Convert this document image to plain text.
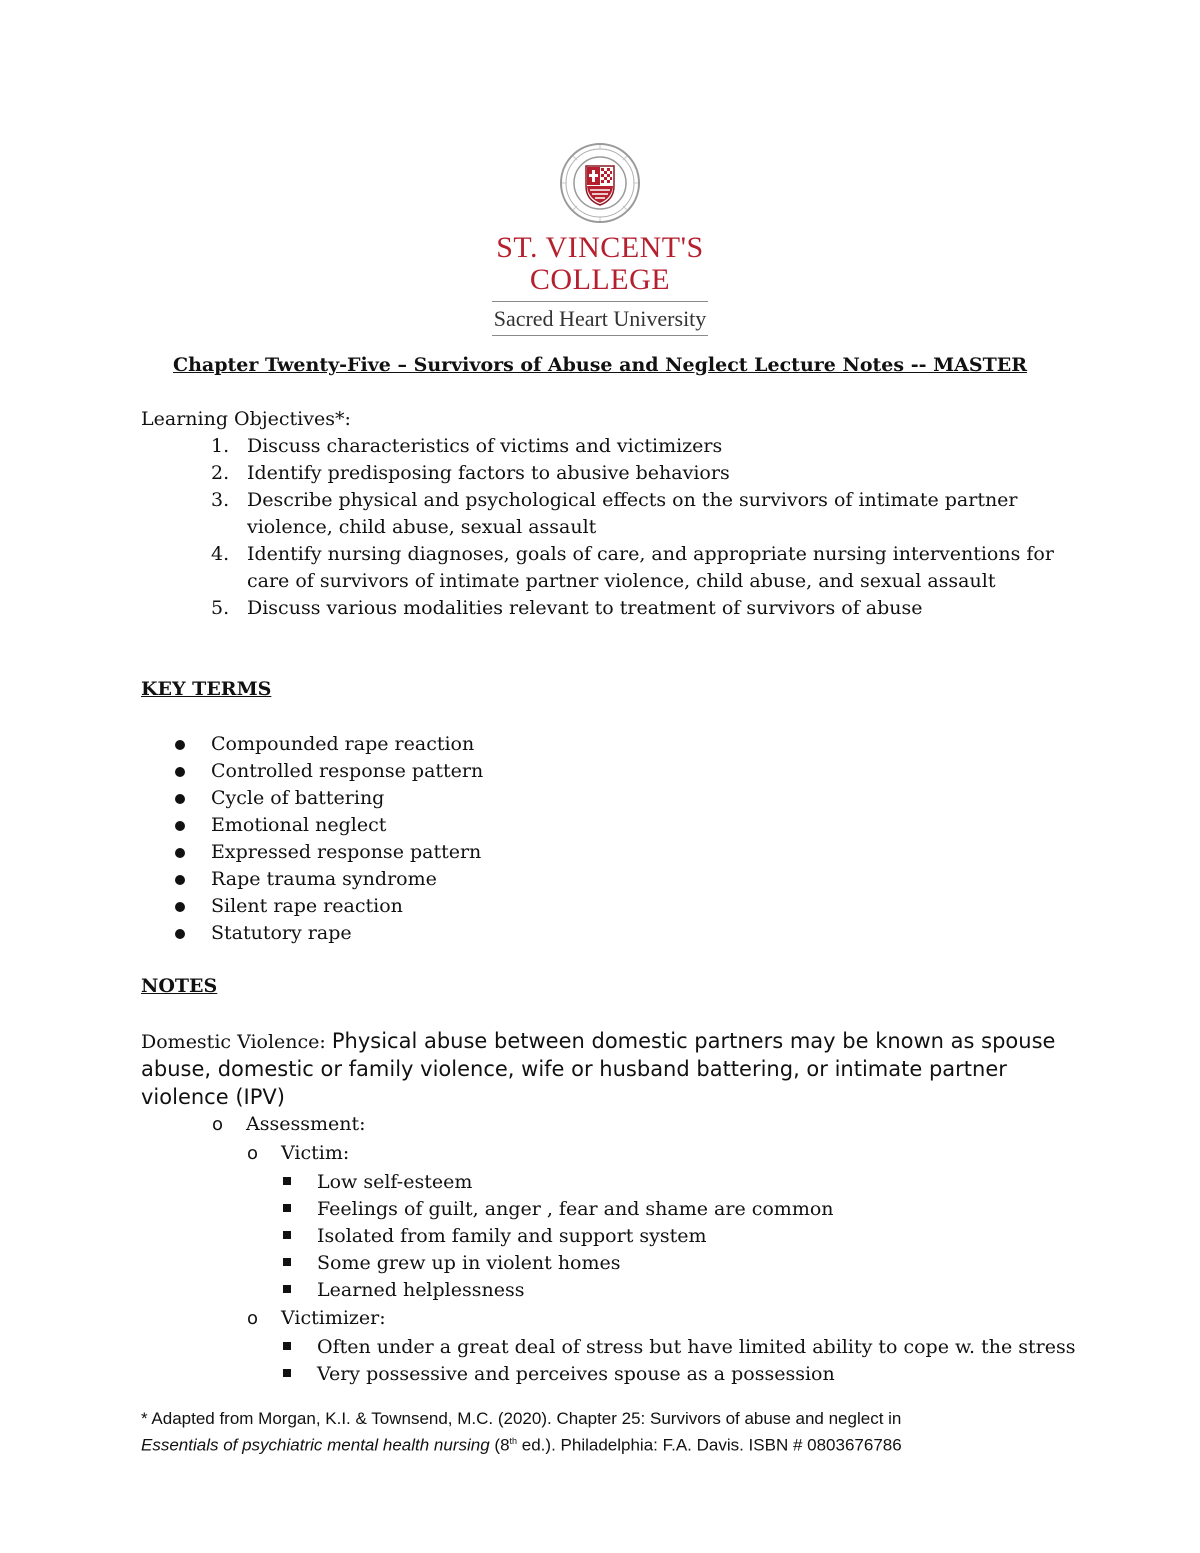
ST. VINCENT'S
COLLEGE
Sacred Heart University
Chapter Twenty-Five – Survivors of Abuse and Neglect Lecture Notes -- MASTER
Learning Objectives*:
1. Discuss characteristics of victims and victimizers
2. Identify predisposing factors to abusive behaviors
3. Describe physical and psychological effects on the survivors of intimate partner violence, child abuse, sexual assault
4. Identify nursing diagnoses, goals of care, and appropriate nursing interventions for care of survivors of intimate partner violence, child abuse, and sexual assault
5. Discuss various modalities relevant to treatment of survivors of abuse
KEY TERMS
Compounded rape reaction
Controlled response pattern
Cycle of battering
Emotional neglect
Expressed response pattern
Rape trauma syndrome
Silent rape reaction
Statutory rape
NOTES
Domestic Violence: Physical abuse between domestic partners may be known as spouse abuse, domestic or family violence, wife or husband battering, or intimate partner violence (IPV)
o Assessment:
o Victim:
Low self-esteem
Feelings of guilt, anger , fear and shame are common
Isolated from family and support system
Some grew up in violent homes
Learned helplessness
o Victimizer:
Often under a great deal of stress but have limited ability to cope w. the stress
Very possessive and perceives spouse as a possession
* Adapted from Morgan, K.I. & Townsend, M.C. (2020). Chapter 25: Survivors of abuse and neglect in
Essentials of psychiatric mental health nursing (8th ed.). Philadelphia: F.A. Davis. ISBN # 0803676786
